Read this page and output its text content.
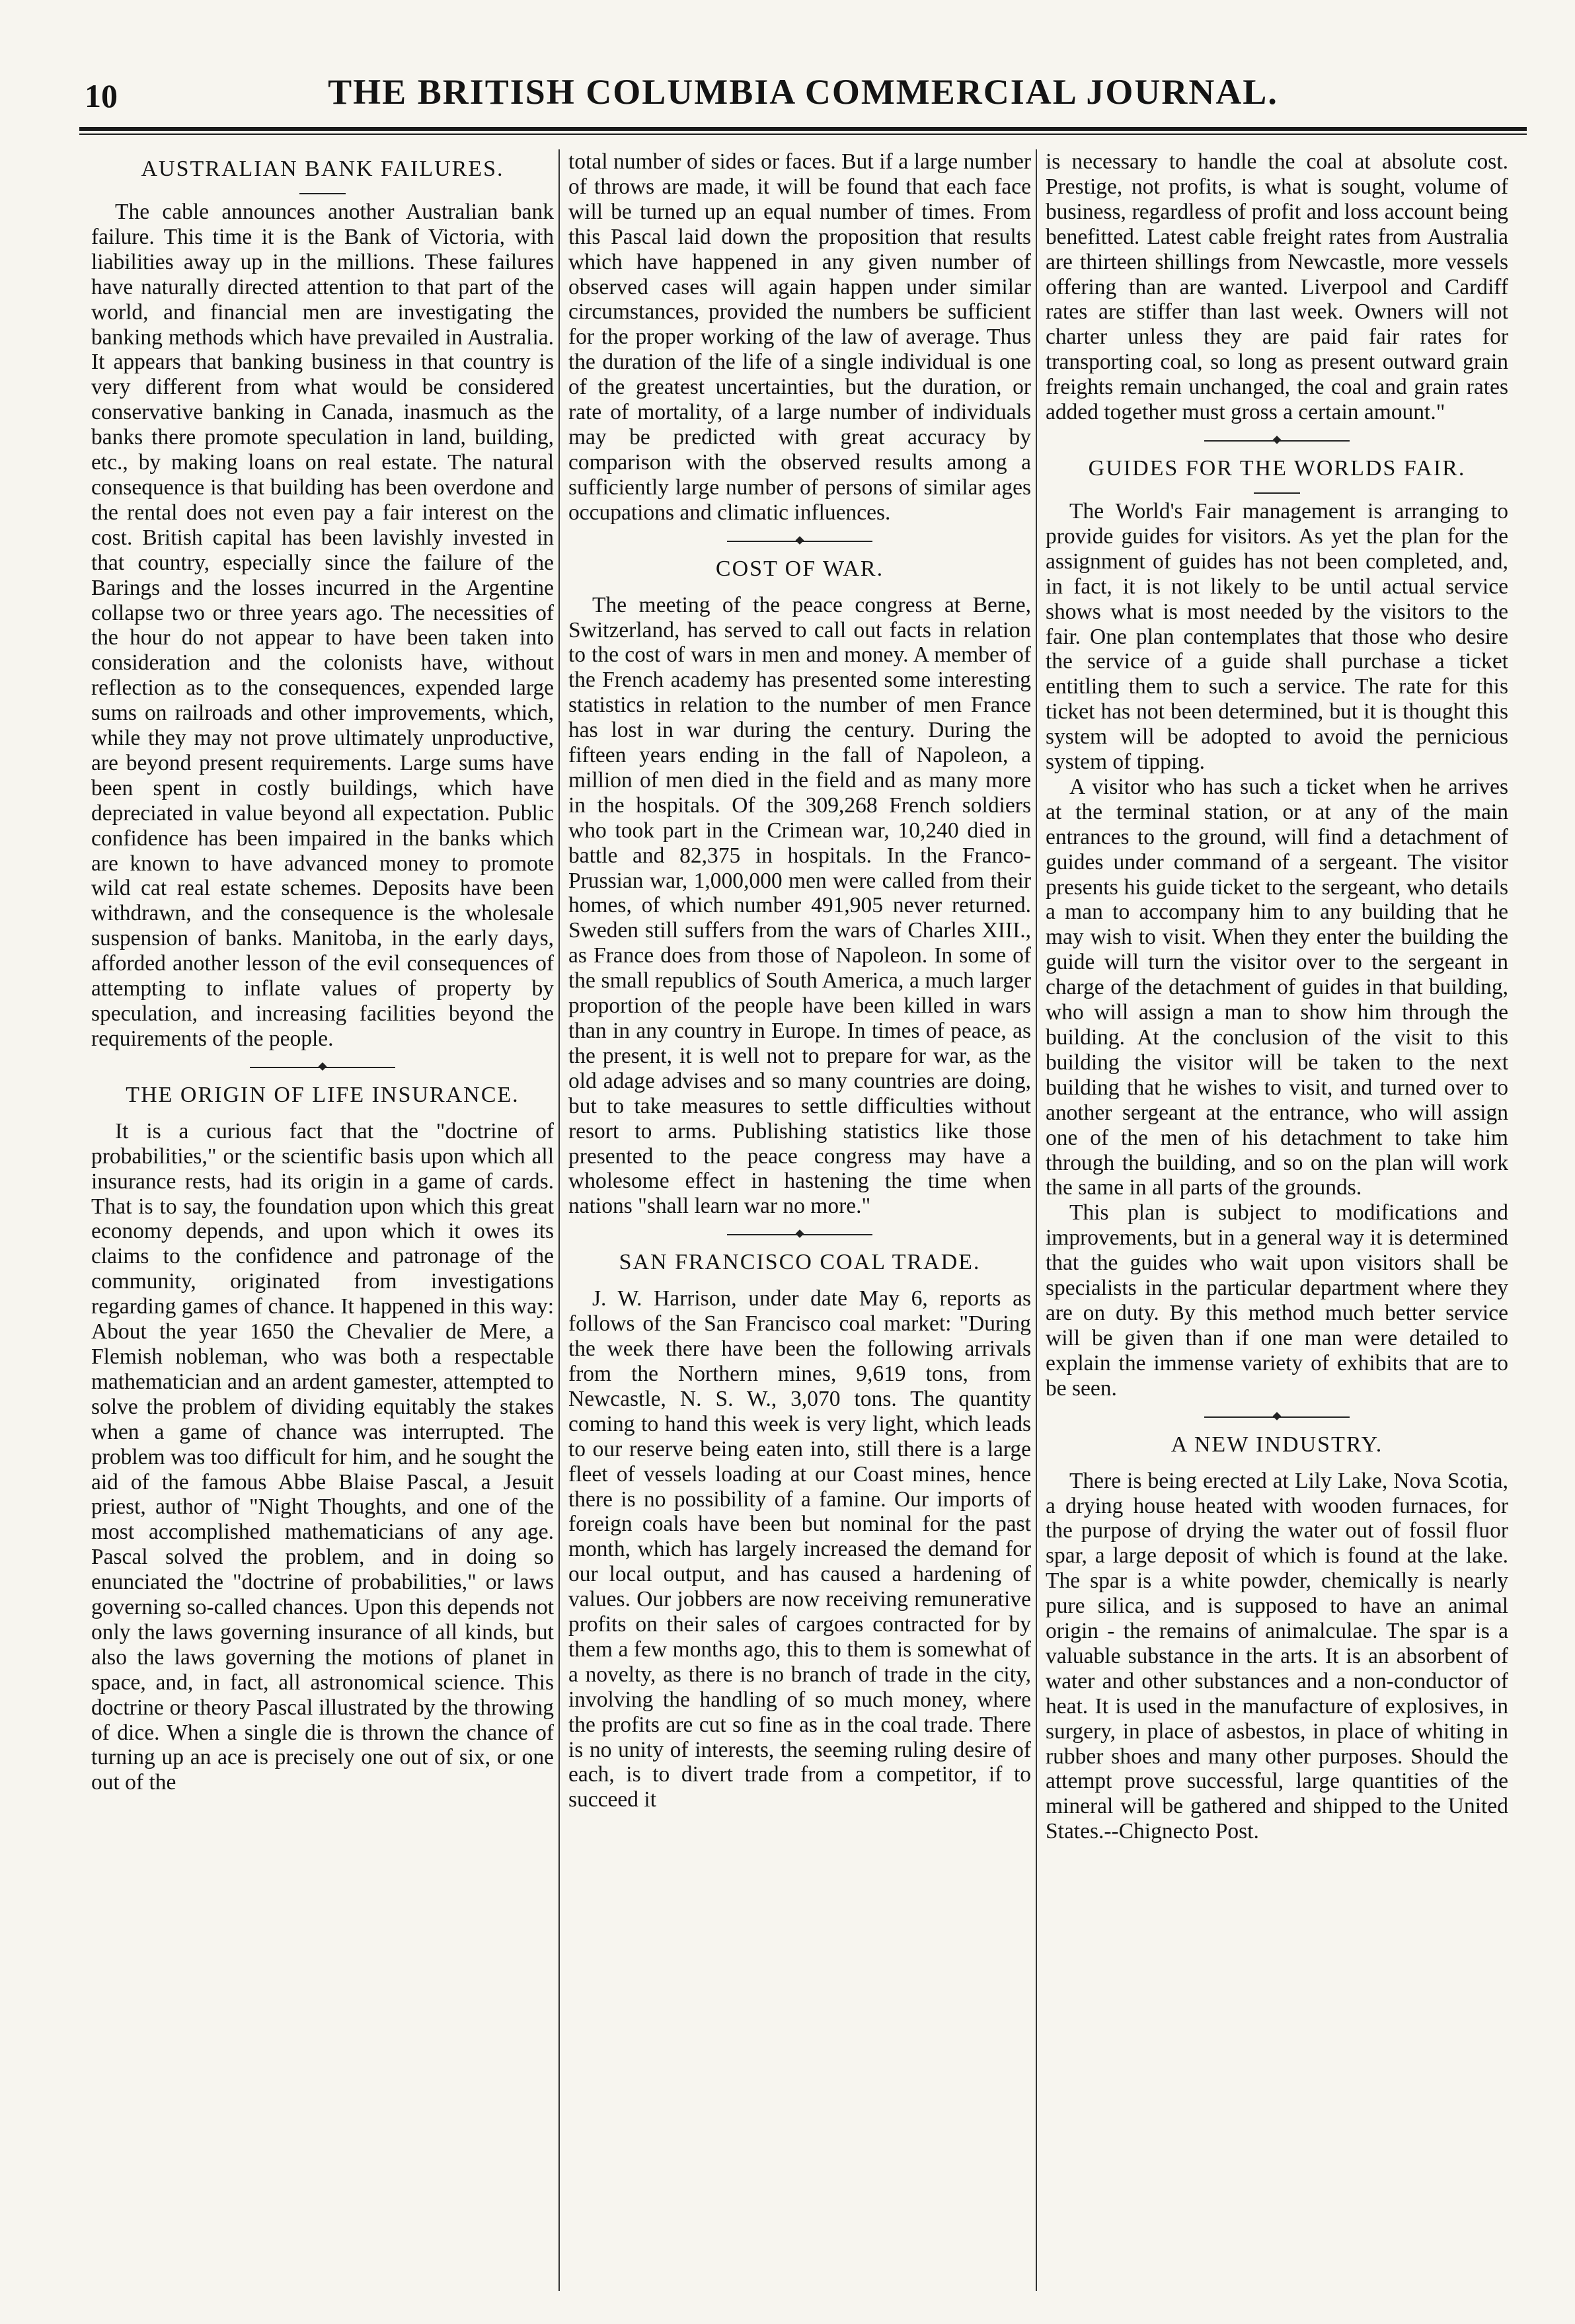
10	THE BRITISH COLUMBIA COMMERCIAL JOURNAL.
AUSTRALIAN BANK FAILURES.

The cable announces another Australian bank failure. This time it is the Bank of Victoria, with liabilities away up in the millions. These failures have naturally directed attention to that part of the world, and financial men are investigating the banking methods which have prevailed in Australia. It appears that banking business in that country is very different from what would be considered conservative banking in Canada, inasmuch as the banks there promote speculation in land, building, etc., by making loans on real estate. The natural consequence is that building has been overdone and the rental does not even pay a fair interest on the cost. British capital has been lavishly invested in that country, especially since the failure of the Barings and the losses incurred in the Argentine collapse two or three years ago. The necessities of the hour do not appear to have been taken into consideration and the colonists have, without reflection as to the consequences, expended large sums on railroads and other improvements, which, while they may not prove ultimately unproductive, are beyond present requirements. Large sums have been spent in costly buildings, which have depreciated in value beyond all expectation. Public confidence has been impaired in the banks which are known to have advanced money to promote wild cat real estate schemes. Deposits have been withdrawn, and the consequence is the wholesale suspension of banks. Manitoba, in the early days, afforded another lesson of the evil consequences of attempting to inflate values of property by speculation, and increasing facilities beyond the requirements of the people.

THE ORIGIN OF LIFE INSURANCE.

It is a curious fact that the "doctrine of probabilities," or the scientific basis upon which all insurance rests, had its origin in a game of cards. That is to say, the foundation upon which this great economy depends, and upon which it owes its claims to the confidence and patronage of the community, originated from investigations regarding games of chance. It happened in this way: About the year 1650 the Chevalier de Mere, a Flemish nobleman, who was both a respectable mathematician and an ardent gamester, attempted to solve the problem of dividing equitably the stakes when a game of chance was interrupted. The problem was too difficult for him, and he sought the aid of the famous Abbe Blaise Pascal, a Jesuit priest, author of "Night Thoughts, and one of the most accomplished mathematicians of any age. Pascal solved the problem, and in doing so enunciated the "doctrine of probabilities," or laws governing so-called chances. Upon this depends not only the laws governing insurance of all kinds, but also the laws governing the motions of planet in space, and, in fact, all astronomical science. This doctrine or theory Pascal illustrated by the throwing of dice. When a single die is thrown the chance of turning up an ace is precisely one out of six, or one out of the

total number of sides or faces. But if a large number of throws are made, it will be found that each face will be turned up an equal number of times. From this Pascal laid down the proposition that results which have happened in any given number of observed cases will again happen under similar circumstances, provided the numbers be sufficient for the proper working of the law of average. Thus the duration of the life of a single individual is one of the greatest uncertainties, but the duration, or rate of mortality, of a large number of individuals may be predicted with great accuracy by comparison with the observed results among a sufficiently large number of persons of similar ages occupations and climatic influences.

COST OF WAR.

The meeting of the peace congress at Berne, Switzerland, has served to call out facts in relation to the cost of wars in men and money. A member of the French academy has presented some interesting statistics in relation to the number of men France has lost in war during the century. During the fifteen years ending in the fall of Napoleon, a million of men died in the field and as many more in the hospitals. Of the 309,268 French soldiers who took part in the Crimean war, 10,240 died in battle and 82,375 in hospitals. In the Franco-Prussian war, 1,000,000 men were called from their homes, of which number 491,905 never returned. Sweden still suffers from the wars of Charles XIII., as France does from those of Napoleon. In some of the small republics of South America, a much larger proportion of the people have been killed in wars than in any country in Europe. In times of peace, as the present, it is well not to prepare for war, as the old adage advises and so many countries are doing, but to take measures to settle difficulties without resort to arms. Publishing statistics like those presented to the peace congress may have a wholesome effect in hastening the time when nations "shall learn war no more."

SAN FRANCISCO COAL TRADE.

J. W. Harrison, under date May 6, reports as follows of the San Francisco coal market: "During the week there have been the following arrivals from the Northern mines, 9,619 tons, from Newcastle, N. S. W., 3,070 tons. The quantity coming to hand this week is very light, which leads to our reserve being eaten into, still there is a large fleet of vessels loading at our Coast mines, hence there is no possibility of a famine. Our imports of foreign coals have been but nominal for the past month, which has largely increased the demand for our local output, and has caused a hardening of values. Our jobbers are now receiving remunerative profits on their sales of cargoes contracted for by them a few months ago, this to them is somewhat of a novelty, as there is no branch of trade in the city, involving the handling of so much money, where the profits are cut so fine as in the coal trade. There is no unity of interests, the seeming ruling desire of each, is to divert trade from a competitor, if to succeed it

is necessary to handle the coal at absolute cost. Prestige, not profits, is what is sought, volume of business, regardless of profit and loss account being benefitted. Latest cable freight rates from Australia are thirteen shillings from Newcastle, more vessels offering than are wanted. Liverpool and Cardiff rates are stiffer than last week. Owners will not charter unless they are paid fair rates for transporting coal, so long as present outward grain freights remain unchanged, the coal and grain rates added together must gross a certain amount."

GUIDES FOR THE WORLDS FAIR.

The World's Fair management is arranging to provide guides for visitors. As yet the plan for the assignment of guides has not been completed, and, in fact, it is not likely to be until actual service shows what is most needed by the visitors to the fair. One plan contemplates that those who desire the service of a guide shall purchase a ticket entitling them to such a service. The rate for this ticket has not been determined, but it is thought this system will be adopted to avoid the pernicious system of tipping.

A visitor who has such a ticket when he arrives at the terminal station, or at any of the main entrances to the ground, will find a detachment of guides under command of a sergeant. The visitor presents his guide ticket to the sergeant, who details a man to accompany him to any building that he may wish to visit. When they enter the building the guide will turn the visitor over to the sergeant in charge of the detachment of guides in that building, who will assign a man to show him through the building. At the conclusion of the visit to this building the visitor will be taken to the next building that he wishes to visit, and turned over to another sergeant at the entrance, who will assign one of the men of his detachment to take him through the building, and so on the plan will work the same in all parts of the grounds.

This plan is subject to modifications and improvements, but in a general way it is determined that the guides who wait upon visitors shall be specialists in the particular department where they are on duty. By this method much better service will be given than if one man were detailed to explain the immense variety of exhibits that are to be seen.

A NEW INDUSTRY.

There is being erected at Lily Lake, Nova Scotia, a drying house heated with wooden furnaces, for the purpose of drying the water out of fossil fluor spar, a large deposit of which is found at the lake. The spar is a white powder, chemically is nearly pure silica, and is supposed to have an animal origin - the remains of animalculae. The spar is a valuable substance in the arts. It is an absorbent of water and other substances and a non-conductor of heat. It is used in the manufacture of explosives, in surgery, in place of asbestos, in place of whiting in rubber shoes and many other purposes. Should the attempt prove successful, large quantities of the mineral will be gathered and shipped to the United States.--Chignecto Post.
